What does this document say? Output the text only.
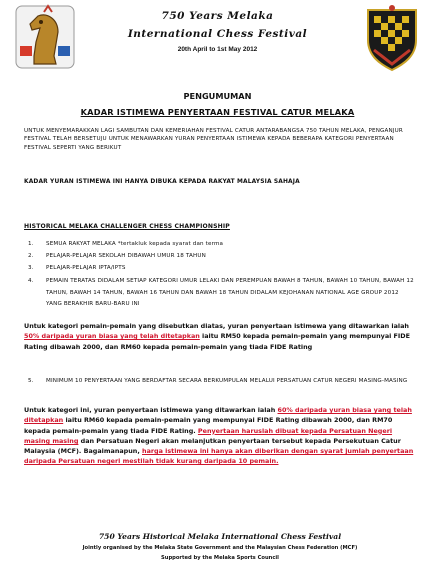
750 Years Melaka
International Chess Festival
20th April to 1st May 2012
PENGUMUMAN
KADAR ISTIMEWA PENYERTAAN FESTIVAL CATUR MELAKA
UNTUK MENYEMARAKKAN LAGI SAMBUTAN DAN KEMERIAHAN FESTIVAL CATUR ANTARABANGSA 750 TAHUN MELAKA, PENGANJUR FESTIVAL TELAH BERSETUJU UNTUK MENAWARKAN YURAN PENYERTAAN ISTIMEWA KEPADA BEBERAPA KATEGORI PENYERTAAN FESTIVAL SEPERTI YANG BERIKUT
KADAR YURAN ISTIMEWA INI HANYA DIBUKA KEPADA RAKYAT MALAYSIA SAHAJA
HISTORICAL MELAKA CHALLENGER CHESS CHAMPIONSHIP
1. SEMUA RAKYAT MELAKA *tertakluk kepada syarat dan terma
2. PELAJAR-PELAJAR SEKOLAH DIBAWAH UMUR 18 TAHUN
3. PELAJAR-PELAJAR IPTA/IPTS
4. PEMAIN TERATAS DIDALAM SETIAP KATEGORI UMUR LELAKI DAN PEREMPUAN BAWAH 8 TAHUN, BAWAH 10 TAHUN, BAWAH 12 TAHUN, BAWAH 14 TAHUN, BAWAH 16 TAHUN DAN BAWAH 18 TAHUN DIDALAM KEJOHANAN NATIONAL AGE GROUP 2012 YANG BERAKHIR BARU-BARU INI
Untuk kategori pemain-pemain yang disebutkan diatas, yuran penyertaan istimewa yang ditawarkan ialah 50% daripada yuran biasa yang telah ditetapkan iaitu RM50 kepada pemain-pemain yang mempunyai FIDE Rating dibawah 2000, dan RM60 kepada pemain-pemain yang tiada FIDE Rating
5. MINIMUM 10 PENYERTAAN YANG BERDAFTAR SECARA BERKUMPULAN MELALUI PERSATUAN CATUR NEGERI MASING-MASING
Untuk kategori ini, yuran penyertaan istimewa yang ditawarkan ialah 60% daripada yuran biasa yang telah ditetapkan iaitu RM60 kepada pemain-pemain yang mempunyai FIDE Rating dibawah 2000, dan RM70 kepada pemain-pemain yang tiada FIDE Rating. Penyertaan haruslah dibuat kepada Persatuan Negeri masing masing dan Persatuan Negeri akan melanjutkan penyertaan tersebut kepada Persekutuan Catur Malaysia (MCF). Bagaimanapun, harga istimewa ini hanya akan diberikan dengan syarat jumlah penyertaan daripada Persatuan negeri mestilah tidak kurang daripada 10 pemain.
750 Years Historical Melaka International Chess Festival
Jointly organised by the Melaka State Government and the Malaysian Chess Federation (MCF)
Supported by the Melaka Sports Council
